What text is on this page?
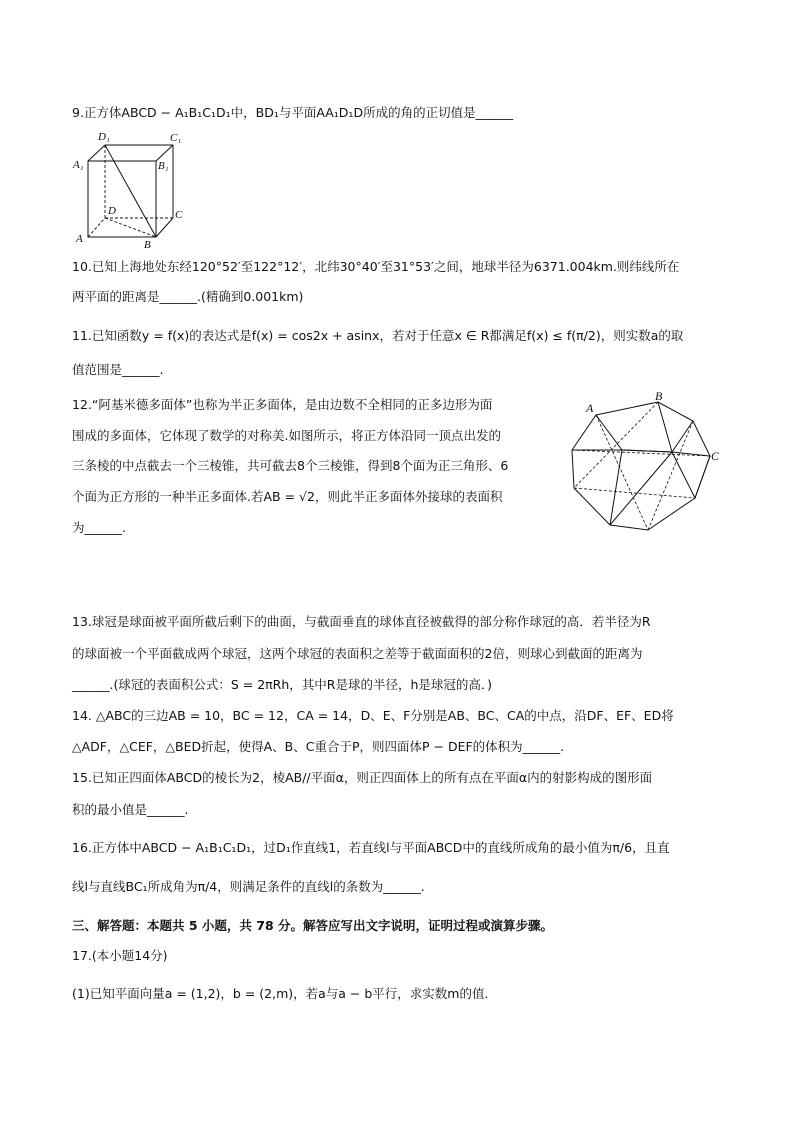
9.正方体ABCD − A₁B₁C₁D₁中，BD₁与平面AA₁D₁D所成的角的正切值是______
D₁	C₁
A₁	B₁
D	C
A	B
10.已知上海地处东经120°52′至122°12′，北纬30°40′至31°53′之间，地球半径为6371.004km.则纬线所在
两平面的距离是______.(精确到0.001km)
11.已知函数y = f(x)的表达式是f(x) = cos2x + asinx，若对于任意x ∈ R都满足f(x) ≤ f(π/2)，则实数a的取
值范围是______.
12.“阿基米德多面体”也称为半正多面体，是由边数不全相同的正多边形为面
围成的多面体，它体现了数学的对称美.如图所示，将正方体沿同一顶点出发的
三条棱的中点截去一个三棱锥，共可截去8个三棱锥，得到8个面为正三角形、6
个面为正方形的一种半正多面体.若AB = √2，则此半正多面体外接球的表面积
为______.
A
B
C
13.球冠是球面被平面所截后剩下的曲面，与截面垂直的球体直径被截得的部分称作球冠的高．若半径为R
的球面被一个平面截成两个球冠，这两个球冠的表面积之差等于截面面积的2倍，则球心到截面的距离为
______.(球冠的表面积公式：S = 2πRh，其中R是球的半径，h是球冠的高．)
14. △ABC的三边AB = 10，BC = 12，CA = 14，D、E、F分别是AB、BC、CA的中点，沿DF、EF、ED将
△ADF，△CEF，△BED折起，使得A、B、C重合于P，则四面体P − DEF的体积为______.
15.已知正四面体ABCD的棱长为2，棱AB//平面α，则正四面体上的所有点在平面α内的射影构成的图形面
积的最小值是______.
16.正方体中ABCD − A₁B₁C₁D₁，过D₁作直线1，若直线l与平面ABCD中的直线所成角的最小值为π/6，且直
线l与直线BC₁所成角为π/4，则满足条件的直线l的条数为______.
三、解答题：本题共 5 小题，共 78 分。解答应写出文字说明，证明过程或演算步骤。
17.(本小题14分)
(1)已知平面向量a = (1,2)，b = (2,m)，若a与a − b平行，求实数m的值.
